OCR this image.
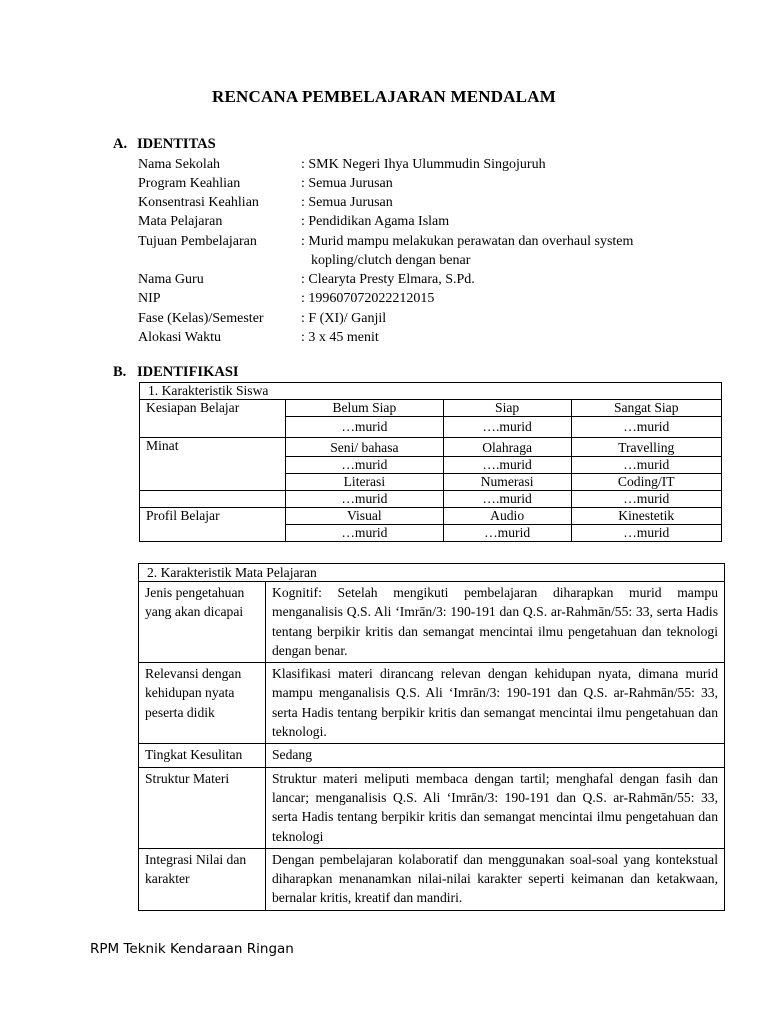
RENCANA PEMBELAJARAN MENDALAM
A. IDENTITAS
Nama Sekolah	: SMK Negeri Ihya Ulummudin Singojuruh
Program Keahlian	: Semua Jurusan
Konsentrasi Keahlian	: Semua Jurusan
Mata Pelajaran	: Pendidikan Agama Islam
Tujuan Pembelajaran	: Murid mampu melakukan perawatan dan overhaul system
kopling/clutch dengan benar
Nama Guru	: Clearyta Presty Elmara, S.Pd.
NIP	: 199607072022212015
Fase (Kelas)/Semester	: F (XI)/ Ganjil
Alokasi Waktu	: 3 x 45 menit
B. IDENTIFIKASI
1. Karakteristik Siswa			
Kesiapan Belajar	Belum Siap	Siap	Sangat Siap
	…murid	….murid	…murid
Minat	Seni/ bahasa	Olahraga	Travelling
	…murid	….murid	…murid
	Literasi	Numerasi	Coding/IT
	…murid	….murid	…murid
Profil Belajar	Visual	Audio	Kinestetik
	…murid	…murid	…murid
2. Karakteristik Mata Pelajaran	
Jenis pengetahuan yang akan dicapai	Kognitif: Setelah mengikuti pembelajaran diharapkan murid mampu menganalisis Q.S. Ali ‘Imrān/3: 190-191 dan Q.S. ar-Rahmān/55: 33, serta Hadis tentang berpikir kritis dan semangat mencintai ilmu pengetahuan dan teknologi dengan benar.
Relevansi dengan kehidupan nyata peserta didik	Klasifikasi materi dirancang relevan dengan kehidupan nyata, dimana murid mampu menganalisis Q.S. Ali ‘Imrān/3: 190-191 dan Q.S. ar-Rahmān/55: 33, serta Hadis tentang berpikir kritis dan semangat mencintai ilmu pengetahuan dan teknologi.
Tingkat Kesulitan	Sedang
Struktur Materi	Struktur materi meliputi membaca dengan tartil; menghafal dengan fasih dan lancar; menganalisis Q.S. Ali ‘Imrān/3: 190-191 dan Q.S. ar-Rahmān/55: 33, serta Hadis tentang berpikir kritis dan semangat mencintai ilmu pengetahuan dan teknologi
Integrasi Nilai dan karakter	Dengan pembelajaran kolaboratif dan menggunakan soal-soal yang kontekstual diharapkan menanamkan nilai-nilai karakter seperti keimanan dan ketakwaan, bernalar kritis, kreatif dan mandiri.
RPM Teknik Kendaraan Ringan
